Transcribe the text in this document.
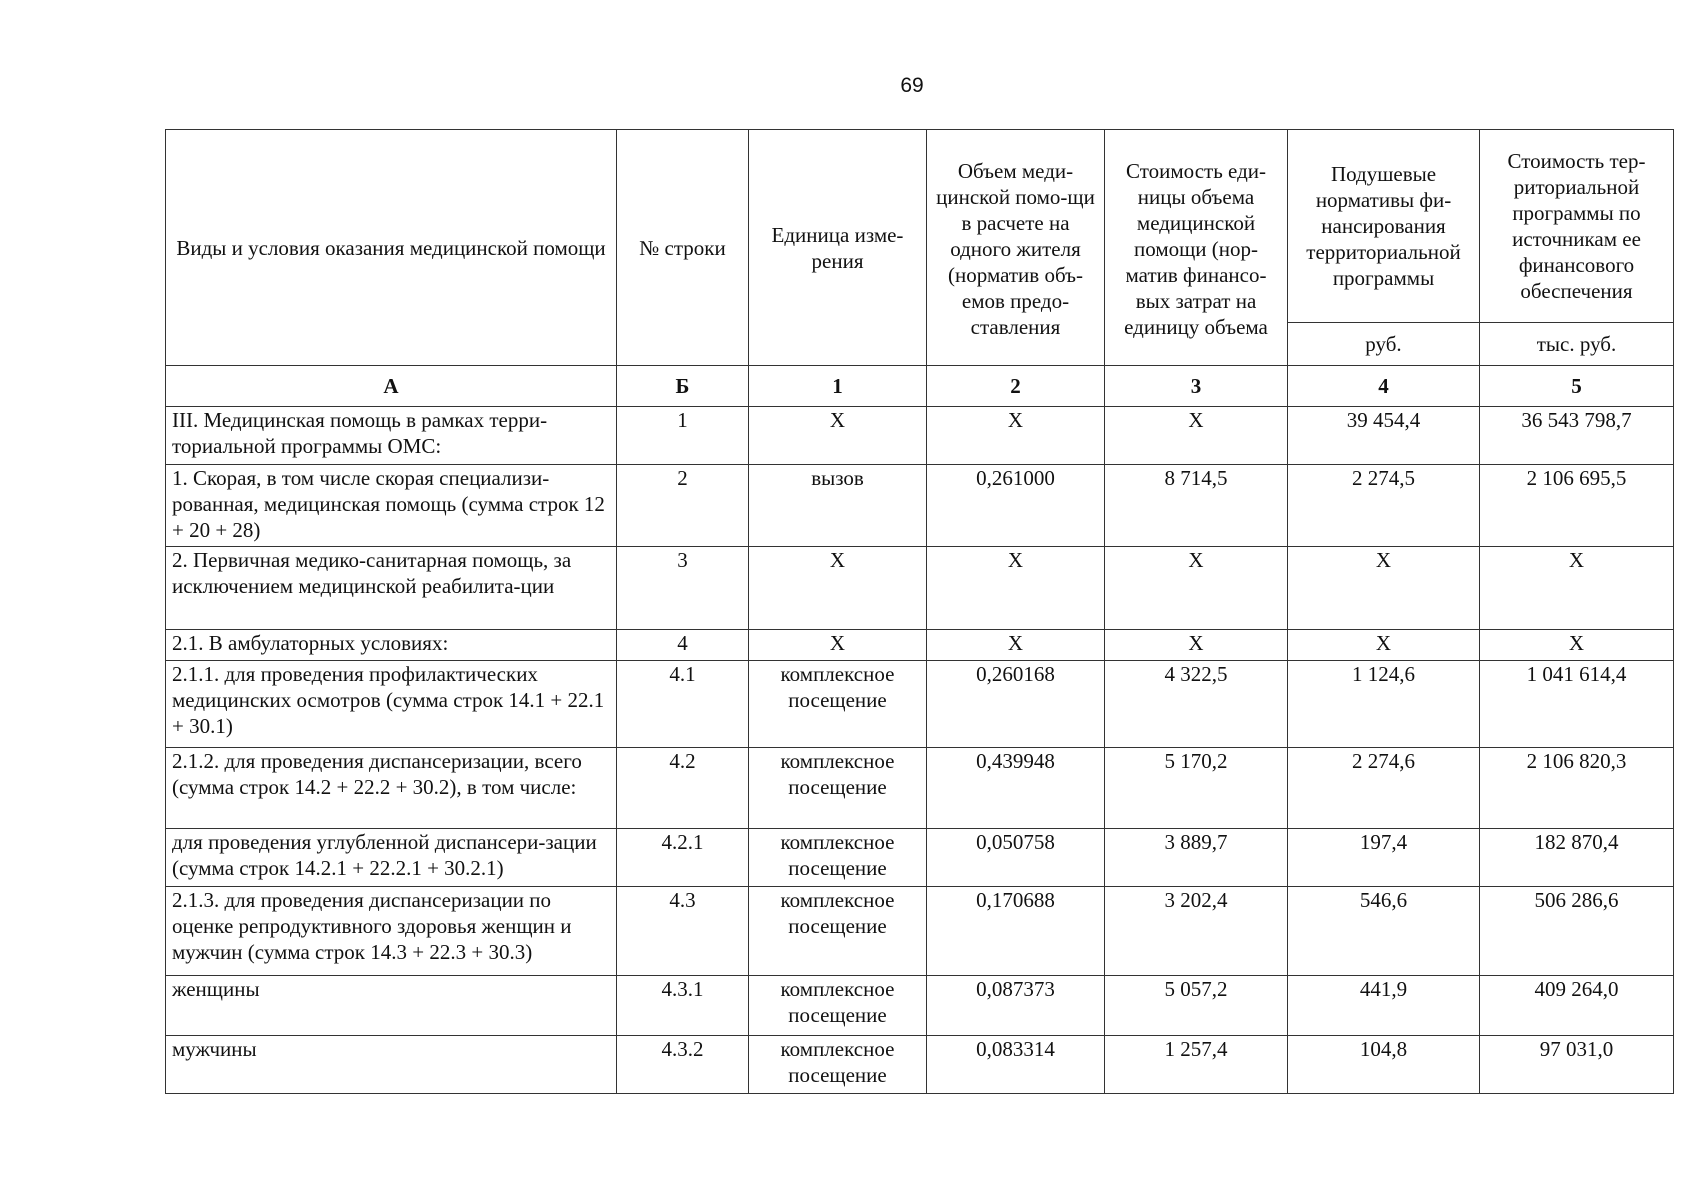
69
Виды и условия оказания медицинской помощи	№ строки	Единица изме-рения	Объем меди-цинской помо-щи в расчете на одного жителя (норматив объ-емов предо-ставления	Стоимость еди-ницы объема медицинской помощи (нор-матив финансо-вых затрат на единицу объема	Подушевые нормативы фи-нансирования территориальной программы	Стоимость тер-риториальной программы по источникам ее финансового обеспечения
					руб.	тыс. руб.
А	Б	1	2	3	4	5
III. Медицинская помощь в рамках терри-ториальной программы ОМС:	1	Х	Х	Х	39 454,4	36 543 798,7
1. Скорая, в том числе скорая специализи-рованная, медицинская помощь (сумма строк 12 + 20 + 28)	2	вызов	0,261000	8 714,5	2 274,5	2 106 695,5
2. Первичная медико-санитарная помощь, за исключением медицинской реабилита-ции	3	Х	Х	Х	Х	Х
2.1. В амбулаторных условиях:	4	Х	Х	Х	Х	Х
2.1.1. для проведения профилактических медицинских осмотров (сумма строк 14.1 + 22.1 + 30.1)	4.1	комплексное посещение	0,260168	4 322,5	1 124,6	1 041 614,4
2.1.2. для проведения диспансеризации, всего (сумма строк 14.2 + 22.2 + 30.2), в том числе:	4.2	комплексное посещение	0,439948	5 170,2	2 274,6	2 106 820,3
для проведения углубленной диспансери-зации (сумма строк 14.2.1 + 22.2.1 + 30.2.1)	4.2.1	комплексное посещение	0,050758	3 889,7	197,4	182 870,4
2.1.3. для проведения диспансеризации по оценке репродуктивного здоровья женщин и мужчин (сумма строк 14.3 + 22.3 + 30.3)	4.3	комплексное посещение	0,170688	3 202,4	546,6	506 286,6
женщины	4.3.1	комплексное посещение	0,087373	5 057,2	441,9	409 264,0
мужчины	4.3.2	комплексное посещение	0,083314	1 257,4	104,8	97 031,0
